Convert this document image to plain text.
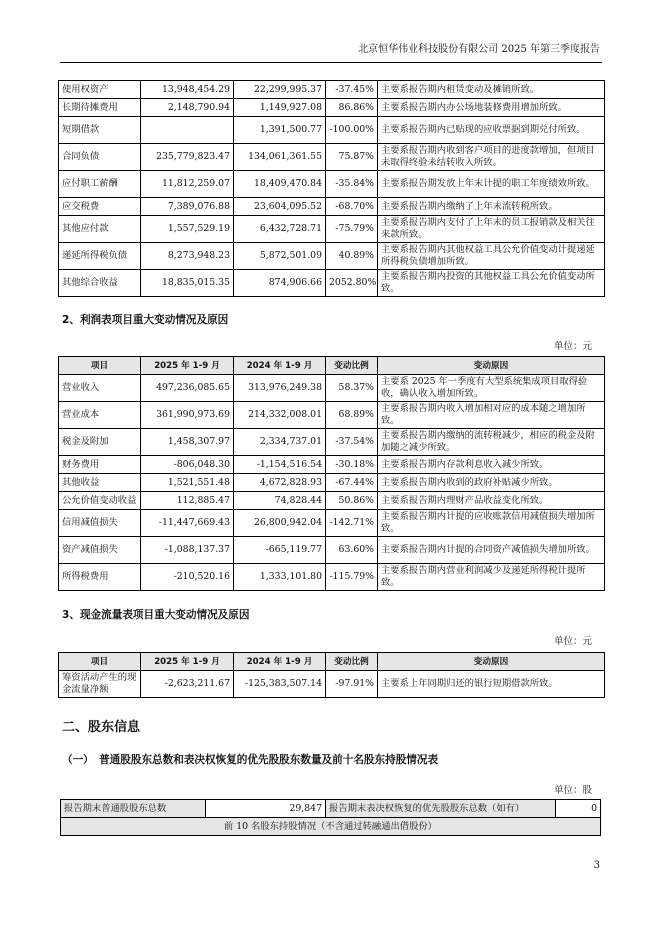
北京恒华伟业科技股份有限公司 2025 年第三季度报告
使用权资产	13,948,454.29	22,299,995.37	-37.45%	主要系报告期内租赁变动及摊销所致。
长期待摊费用	2,148,790.94	1,149,927.08	86.86%	主要系报告期内办公场地装修费用增加所致。
短期借款		1,391,500.77	-100.00%	主要系报告期内已贴现的应收票据到期兑付所致。
合同负债	235,779,823.47	134,061,361.55	75.87%	主要系报告期内收到客户项目的进度款增加，但项目未取得终验未结转收入所致。
应付职工薪酬	11,812,259.07	18,409,470.84	-35.84%	主要系报告期发放上年末计提的职工年度绩效所致。
应交税费	7,389,076.88	23,604,095.52	-68.70%	主要系报告期内缴纳了上年末流转税所致。
其他应付款	1,557,529.19	6,432,728.71	-75.79%	主要系报告期内支付了上年末的员工报销款及相关往来款所致。
递延所得税负债	8,273,948.23	5,872,501.09	40.89%	主要系报告期内其他权益工具公允价值变动计提递延所得税负债增加所致。
其他综合收益	18,835,015.35	874,906.66	2052.80%	主要系报告期内投资的其他权益工具公允价值变动所致。
2、利润表项目重大变动情况及原因
单位：元
项目	2025 年 1-9 月	2024 年 1-9 月	变动比例	变动原因
营业收入	497,236,085.65	313,976,249.38	58.37%	主要系 2025 年一季度有大型系统集成项目取得验收，确认收入增加所致。
营业成本	361,990,973.69	214,332,008.01	68.89%	主要系报告期内收入增加相对应的成本随之增加所致。
税金及附加	1,458,307.97	2,334,737.01	-37.54%	主要系报告期内缴纳的流转税减少，相应的税金及附加随之减少所致。
财务费用	-806,048.30	-1,154,516.54	-30.18%	主要系报告期内存款利息收入减少所致。
其他收益	1,521,551.48	4,672,828.93	-67.44%	主要系报告期内收到的政府补贴减少所致。
公允价值变动收益	112,885.47	74,828.44	50.86%	主要系报告期内理财产品收益变化所致。
信用减值损失	-11,447,669.43	26,800,942.04	-142.71%	主要系报告期内计提的应收账款信用减值损失增加所致。
资产减值损失	-1,088,137.37	-665,119.77	63.60%	主要系报告期内计提的合同资产减值损失增加所致。
所得税费用	-210,520.16	1,333,101.80	-115.79%	主要系报告期内营业利润减少及递延所得税计提所致。
3、现金流量表项目重大变动情况及原因
单位：元
项目	2025 年 1-9 月	2024 年 1-9 月	变动比例	变动原因
筹资活动产生的现金流量净额	-2,623,211.67	-125,383,507.14	-97.91%	主要系上年同期归还的银行短期借款所致。
二、股东信息
（一）　普通股股东总数和表决权恢复的优先股股东数量及前十名股东持股情况表
单位：股
报告期末普通股股东总数	29,847	报告期末表决权恢复的优先股股东总数（如有）	0
前 10 名股东持股情况（不含通过转融通出借股份）
3
